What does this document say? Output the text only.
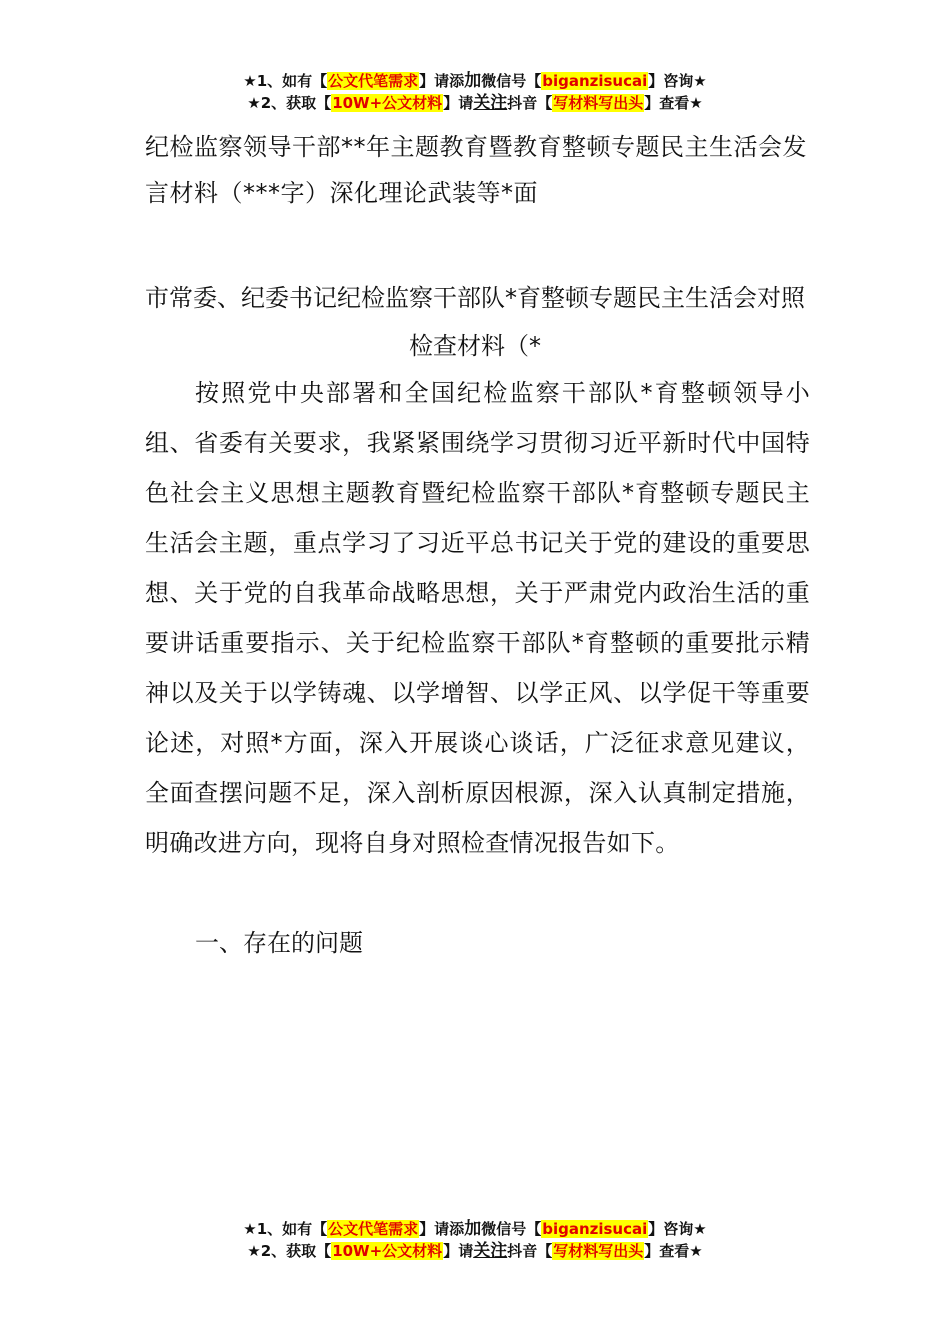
★1、如有【公文代笔需求】请添加微信号【biganzisucai】咨询★
★2、获取【10W+公文材料】请关注抖音【写材料写出头】查看★
纪检监察领导干部**年主题教育暨教育整顿专题民主生活会发言材料（***字）深化理论武装等*面
市常委、纪委书记纪检监察干部队*育整顿专题民主生活会对照检查材料（*
按照党中央部署和全国纪检监察干部队*育整顿领导小组、省委有关要求，我紧紧围绕学习贯彻习近平新时代中国特色社会主义思想主题教育暨纪检监察干部队*育整顿专题民主生活会主题，重点学习了习近平总书记关于党的建设的重要思想、关于党的自我革命战略思想，关于严肃党内政治生活的重要讲话重要指示、关于纪检监察干部队*育整顿的重要批示精神以及关于以学铸魂、以学增智、以学正风、以学促干等重要论述，对照*方面，深入开展谈心谈话，广泛征求意见建议，全面查摆问题不足，深入剖析原因根源，深入认真制定措施，明确改进方向，现将自身对照检查情况报告如下。
一、存在的问题
★1、如有【公文代笔需求】请添加微信号【biganzisucai】咨询★
★2、获取【10W+公文材料】请关注抖音【写材料写出头】查看★
